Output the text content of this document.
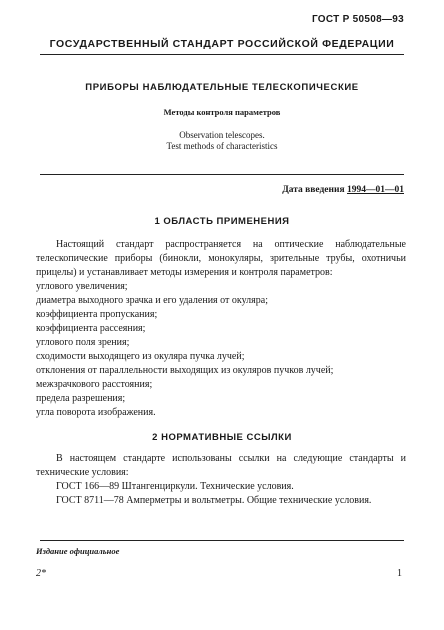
ГОСТ Р 50508—93
ГОСУДАРСТВЕННЫЙ СТАНДАРТ РОССИЙСКОЙ ФЕДЕРАЦИИ
ПРИБОРЫ НАБЛЮДАТЕЛЬНЫЕ ТЕЛЕСКОПИЧЕСКИЕ
Методы контроля параметров
Observation telescopes.
Test methods of characteristics
Дата введения 1994—01—01
1 ОБЛАСТЬ ПРИМЕНЕНИЯ

Настоящий стандарт распространяется на оптические наблюдательные телескопические приборы (бинокли, монокуляры, зрительные трубы, охотничьи прицелы) и устанавливает методы измерения и контроля параметров:

углового увеличения;

диаметра выходного зрачка и его удаления от окуляра;

коэффициента пропускания;

коэффициента рассеяния;

углового поля зрения;

сходимости выходящего из окуляра пучка лучей;

отклонения от параллельности выходящих из окуляров пучков лучей;

межзрачкового расстояния;

предела разрешения;

угла поворота изображения.

2 НОРМАТИВНЫЕ ССЫЛКИ

В настоящем стандарте использованы ссылки на следующие стандарты и технические условия:

ГОСТ 166—89 Штангенциркули. Технические условия.

ГОСТ 8711—78 Амперметры и вольтметры. Общие технические условия.

Издание официальное
2*	1
